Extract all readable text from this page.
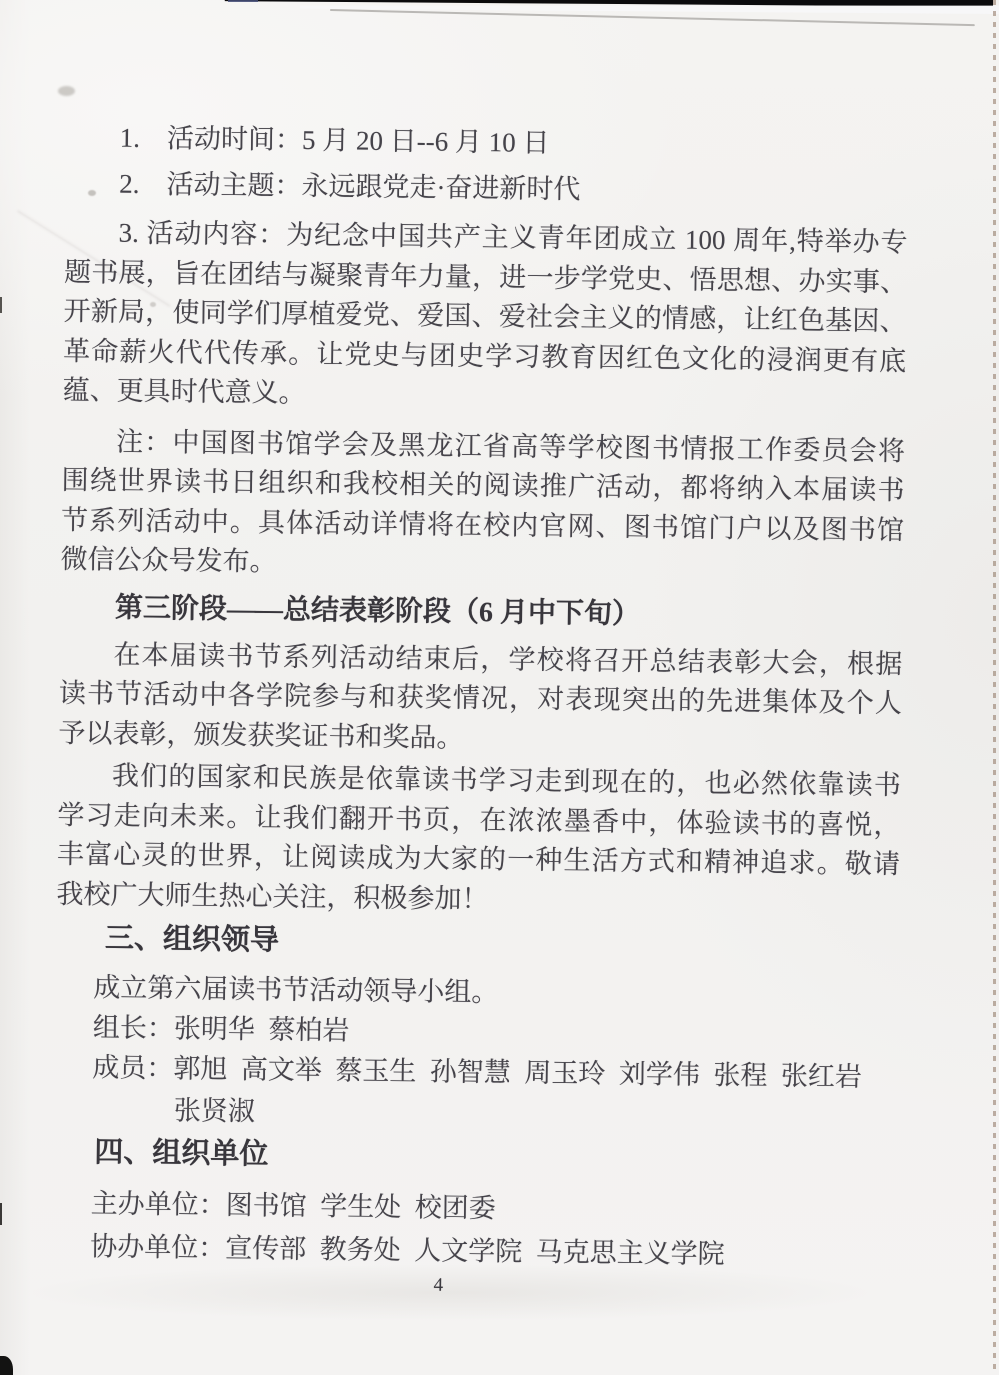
1.　活动时间：5 月 20 日--6 月 10 日
2.　活动主题：永远跟党走·奋进新时代
3. 活动内容：为纪念中国共产主义青年团成立 100 周年,特举办专
题书展，旨在团结与凝聚青年力量，进一步学党史、悟思想、办实事、
开新局，使同学们厚植爱党、爱国、爱社会主义的情感，让红色基因、
革命薪火代代传承。让党史与团史学习教育因红色文化的浸润更有底
蕴、更具时代意义。
注：中国图书馆学会及黑龙江省高等学校图书情报工作委员会将
围绕世界读书日组织和我校相关的阅读推广活动，都将纳入本届读书
节系列活动中。具体活动详情将在校内官网、图书馆门户以及图书馆
微信公众号发布。
第三阶段——总结表彰阶段（6 月中下旬）
在本届读书节系列活动结束后，学校将召开总结表彰大会，根据
读书节活动中各学院参与和获奖情况，对表现突出的先进集体及个人
予以表彰，颁发获奖证书和奖品。
我们的国家和民族是依靠读书学习走到现在的，也必然依靠读书
学习走向未来。让我们翻开书页，在浓浓墨香中，体验读书的喜悦，
丰富心灵的世界，让阅读成为大家的一种生活方式和精神追求。敬请
我校广大师生热心关注，积极参加！
三、组织领导
成立第六届读书节活动领导小组。
组长：张明华  蔡柏岩
成员：郭旭  高文举  蔡玉生  孙智慧  周玉玲  刘学伟  张程  张红岩
张贤淑
四、组织单位
主办单位：图书馆  学生处  校团委
协办单位：宣传部  教务处  人文学院  马克思主义学院
4
